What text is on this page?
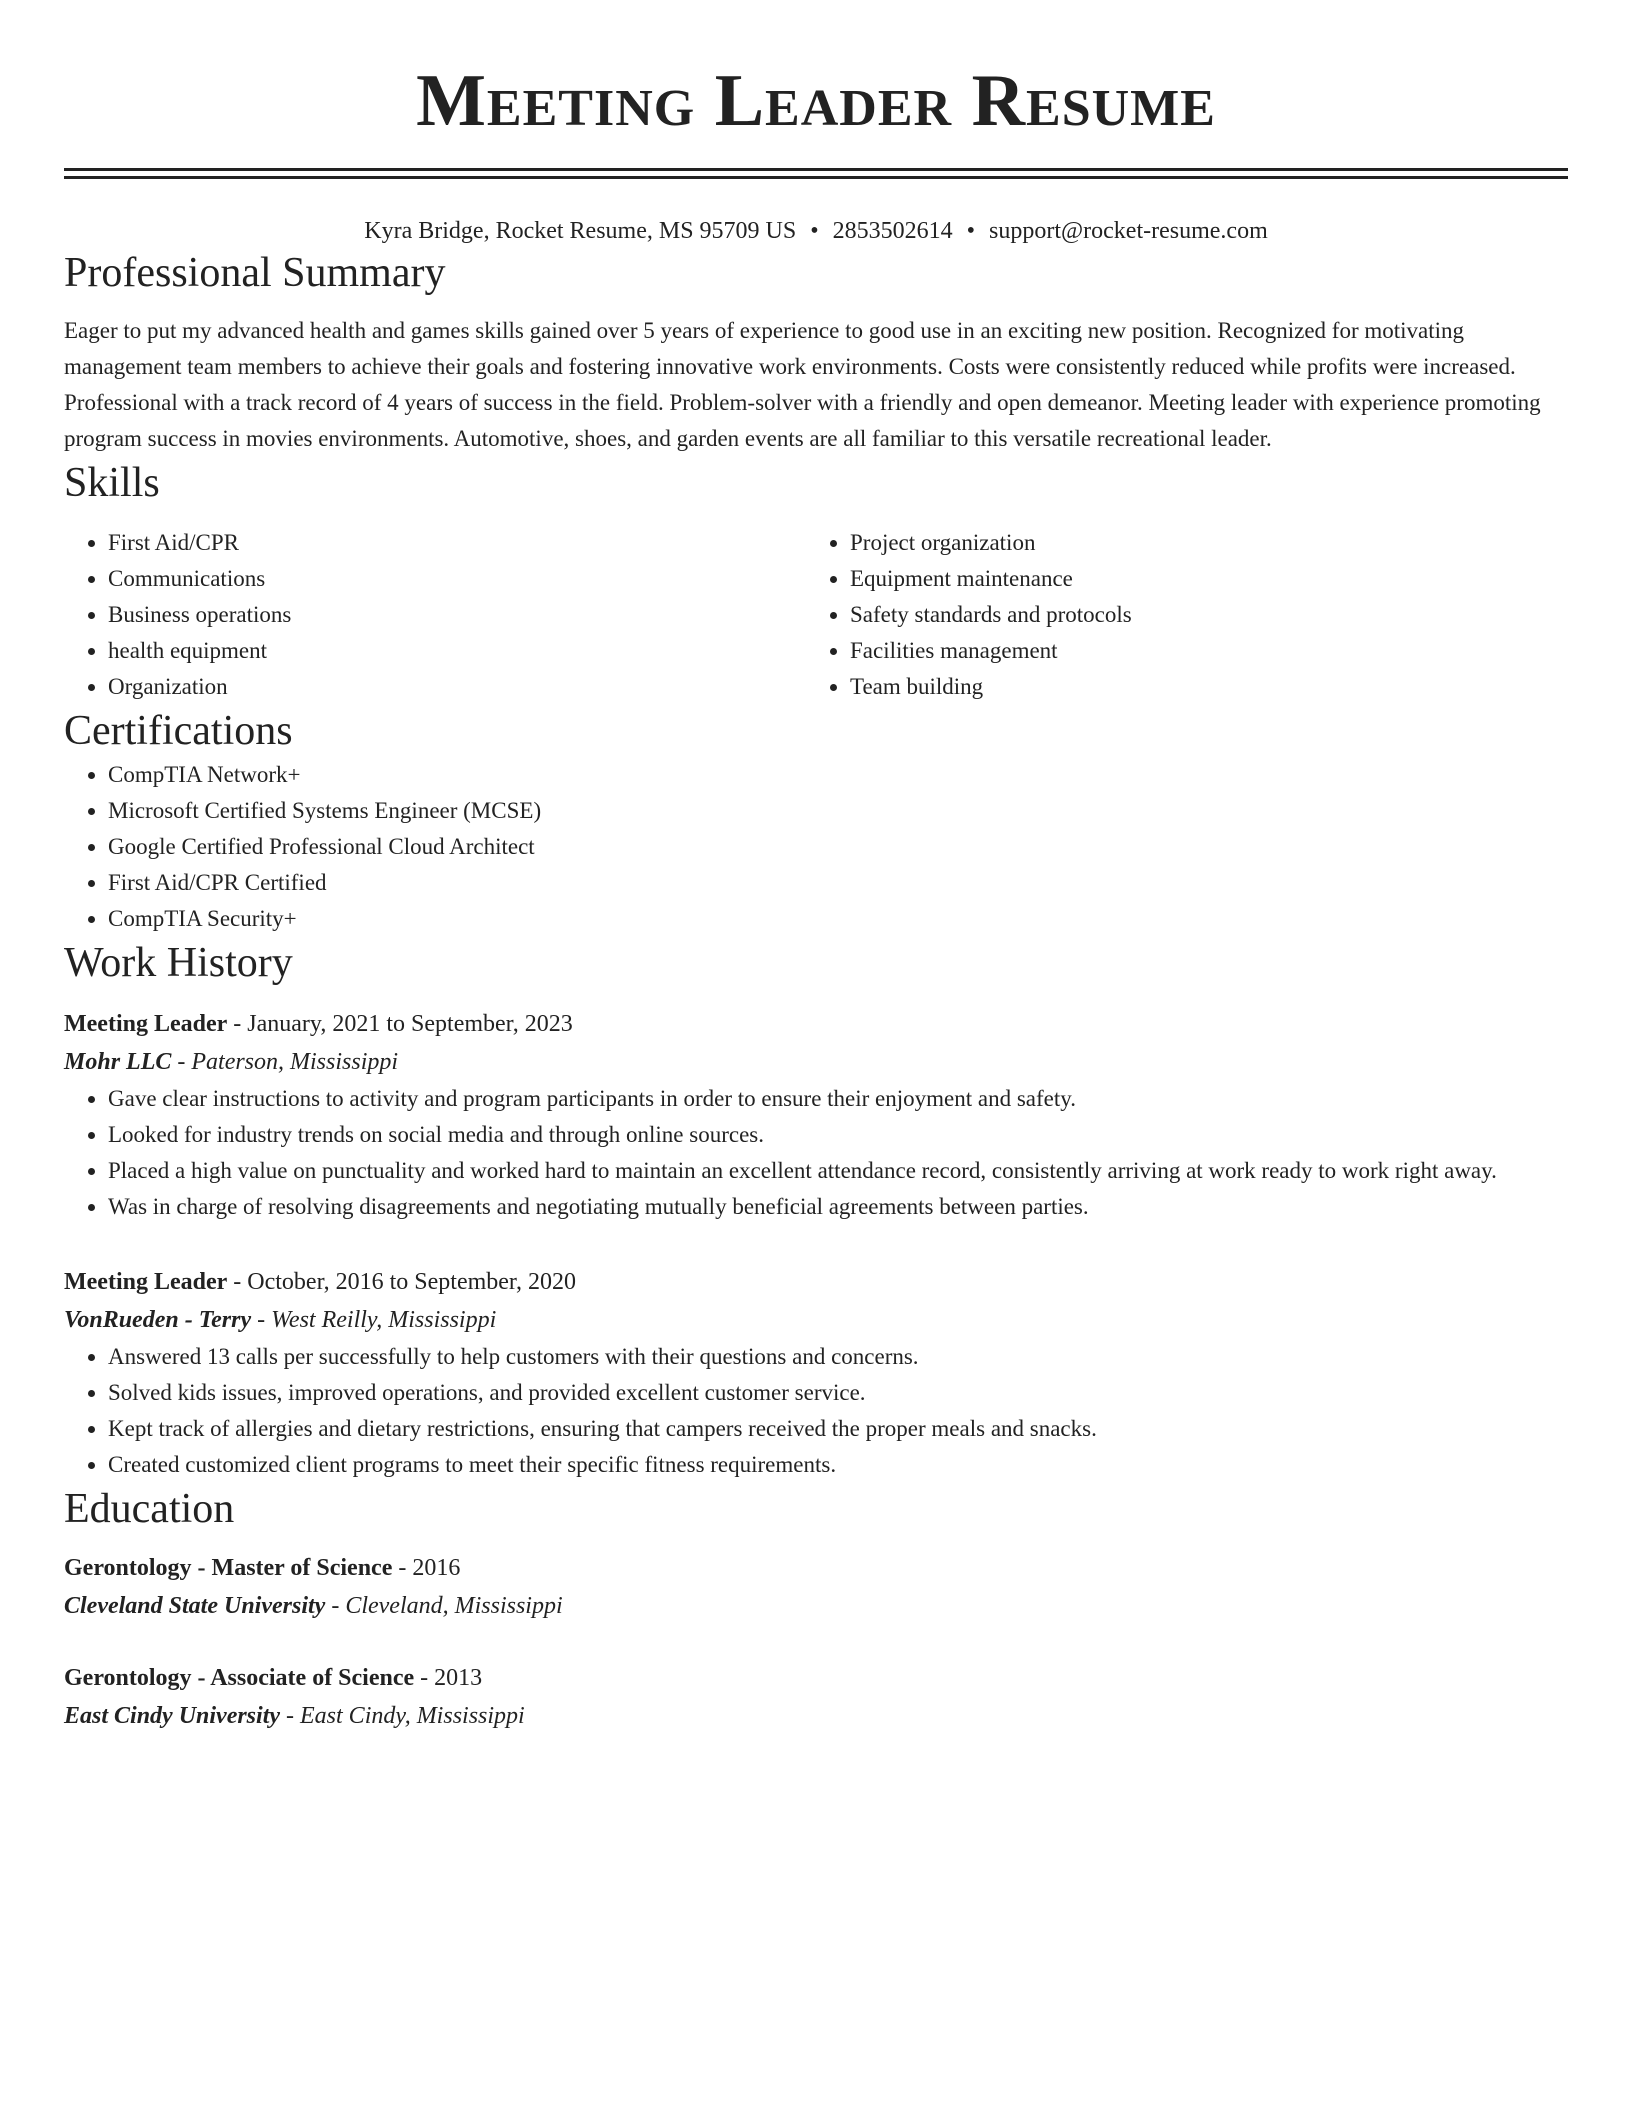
Meeting Leader Resume
Kyra Bridge, Rocket Resume, MS 95709 US • 2853502614 • support@rocket-resume.com
Professional Summary

Eager to put my advanced health and games skills gained over 5 years of experience to good use in an exciting new position. Recognized for motivating management team members to achieve their goals and fostering innovative work environments. Costs were consistently reduced while profits were increased. Professional with a track record of 4 years of success in the field. Problem-solver with a friendly and open demeanor. Meeting leader with experience promoting program success in movies environments. Automotive, shoes, and garden events are all familiar to this versatile recreational leader.

Skills
• First Aid/CPR
• Communications
• Business operations
• health equipment
• Organization
• Project organization
• Equipment maintenance
• Safety standards and protocols
• Facilities management
• Team building
Certifications
• CompTIA Network+
• Microsoft Certified Systems Engineer (MCSE)
• Google Certified Professional Cloud Architect
• First Aid/CPR Certified
• CompTIA Security+
Work History
Meeting Leader - January, 2021 to September, 2023
Mohr LLC - Paterson, Mississippi
• Gave clear instructions to activity and program participants in order to ensure their enjoyment and safety.
• Looked for industry trends on social media and through online sources.
• Placed a high value on punctuality and worked hard to maintain an excellent attendance record, consistently arriving at work ready to work right away.
• Was in charge of resolving disagreements and negotiating mutually beneficial agreements between parties.
Meeting Leader - October, 2016 to September, 2020
VonRueden - Terry - West Reilly, Mississippi
• Answered 13 calls per successfully to help customers with their questions and concerns.
• Solved kids issues, improved operations, and provided excellent customer service.
• Kept track of allergies and dietary restrictions, ensuring that campers received the proper meals and snacks.
• Created customized client programs to meet their specific fitness requirements.
Education
Gerontology - Master of Science - 2016
Cleveland State University - Cleveland, Mississippi
Gerontology - Associate of Science - 2013
East Cindy University - East Cindy, Mississippi
